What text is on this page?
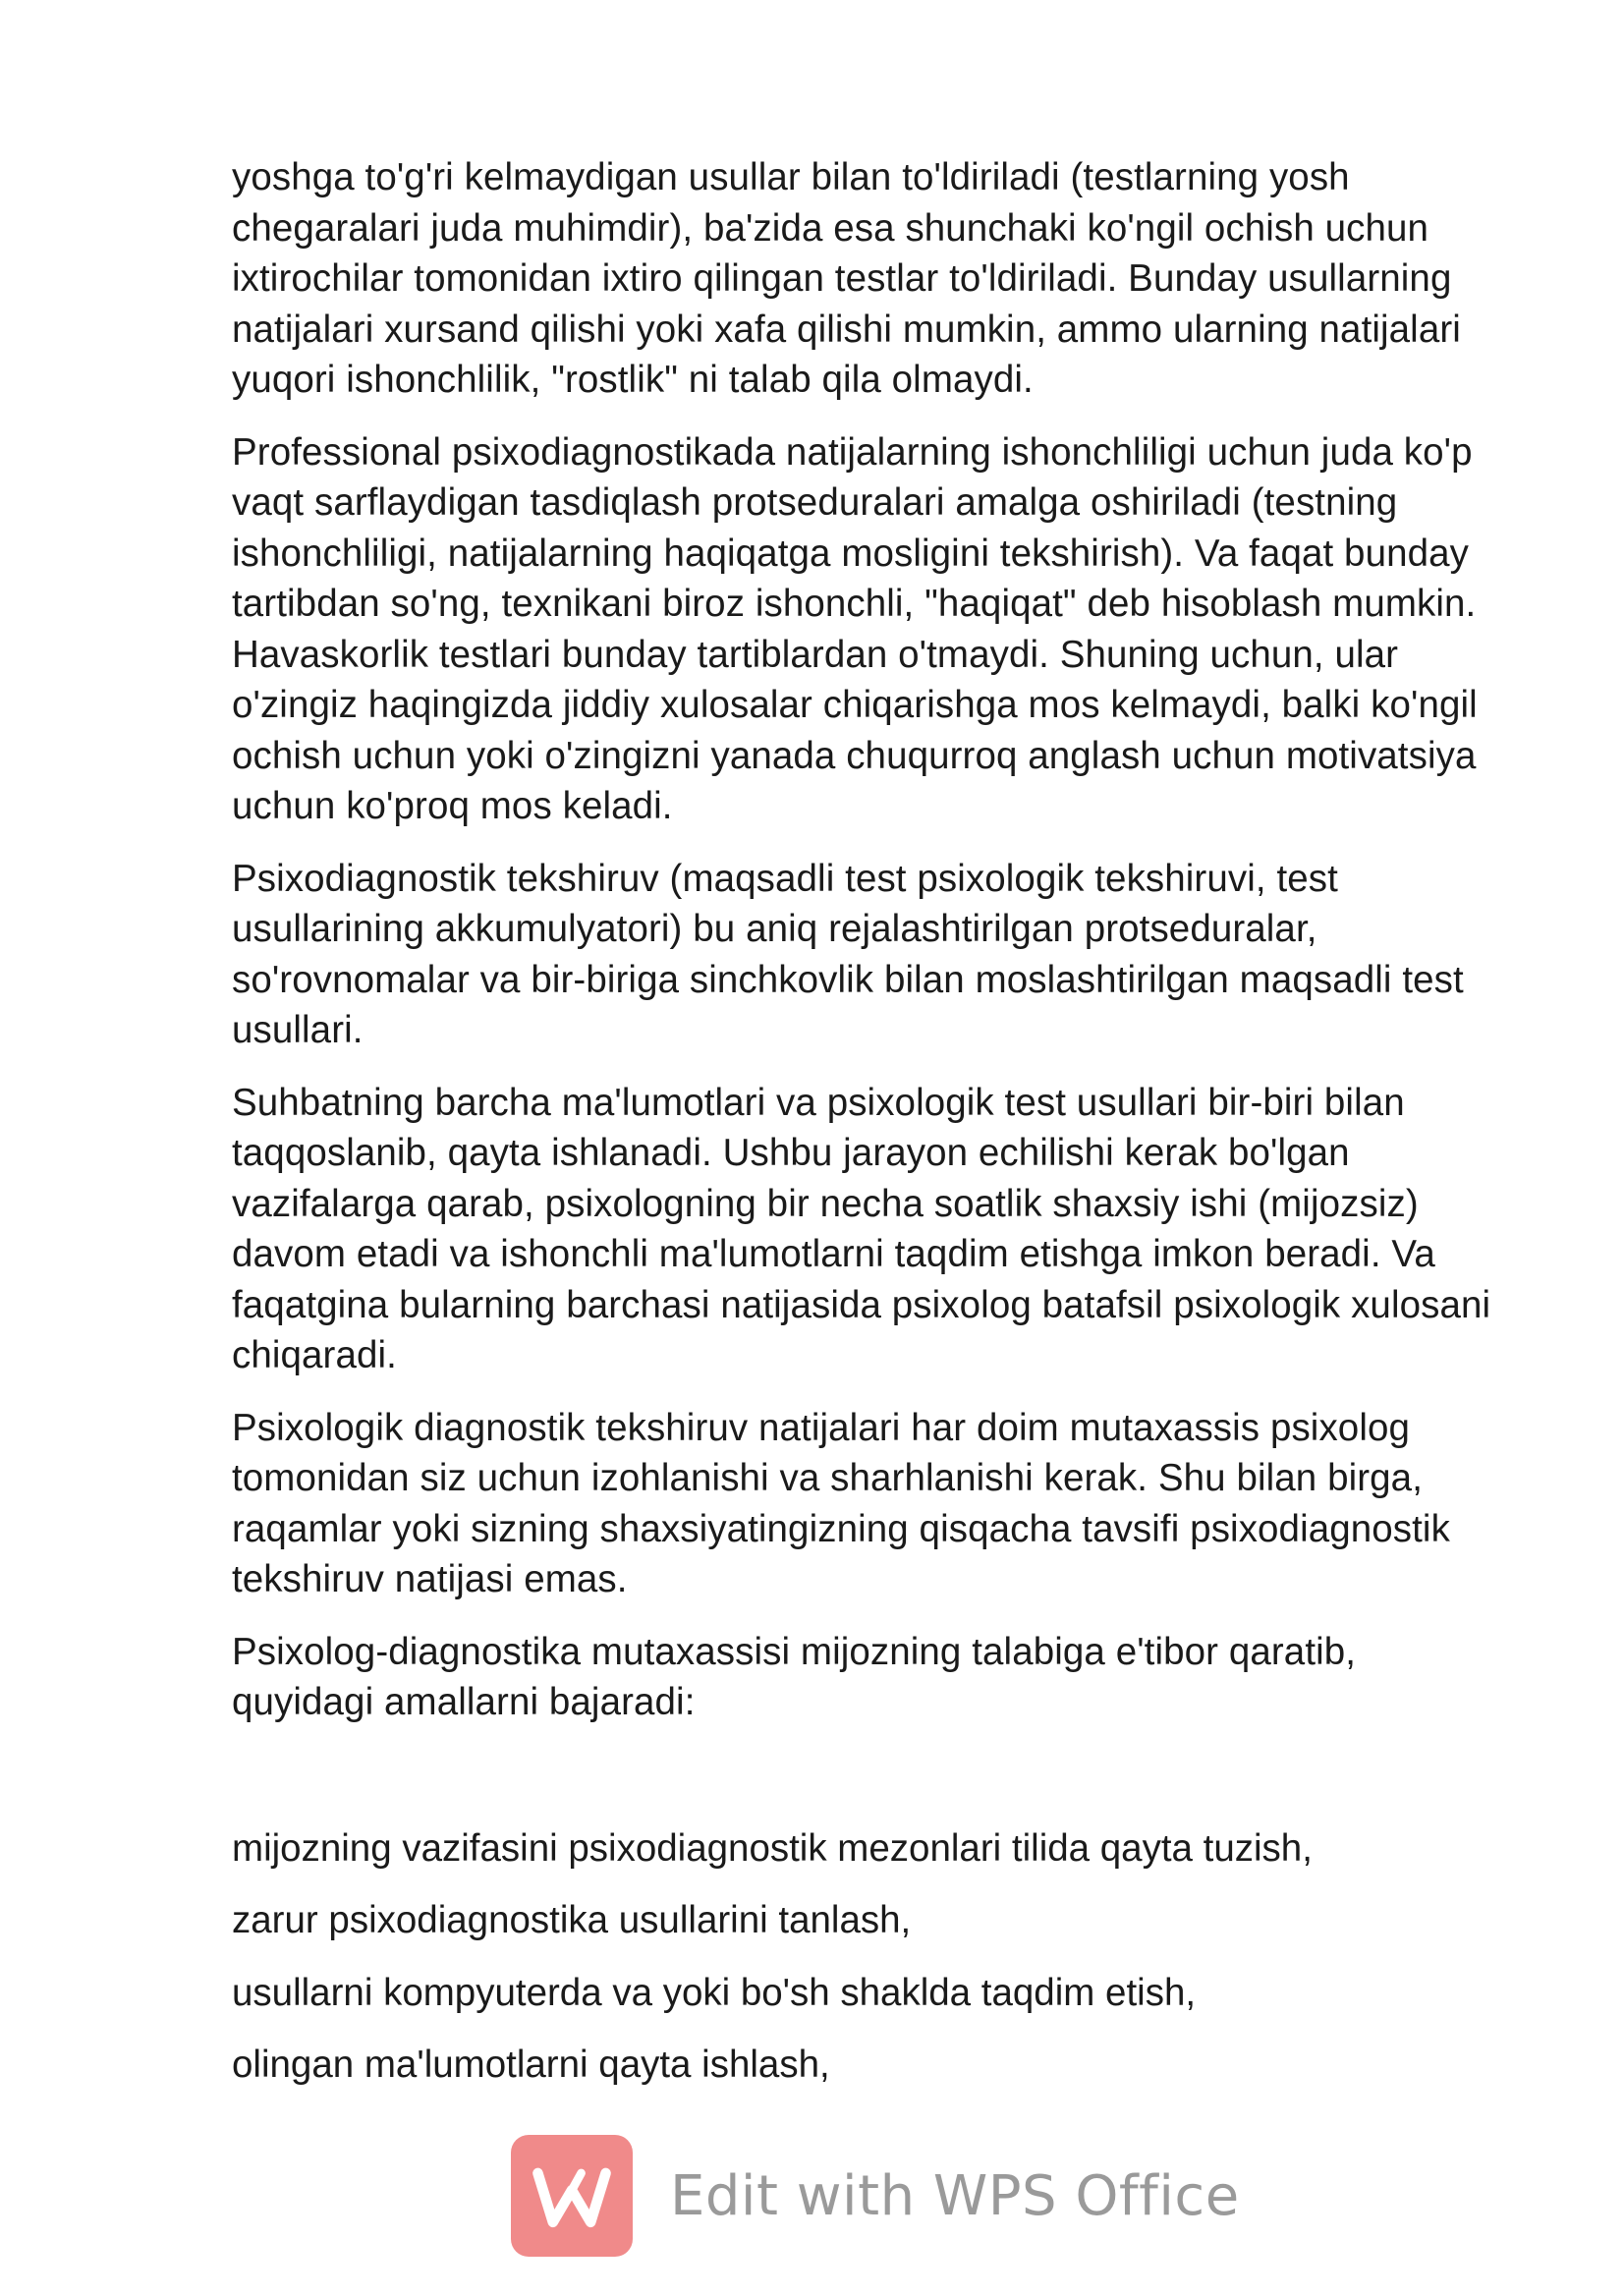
yoshga to'g'ri kelmaydigan usullar bilan to'ldiriladi (testlarning yosh chegaralari juda muhimdir), ba'zida esa shunchaki ko'ngil ochish uchun ixtirochilar tomonidan ixtiro qilingan testlar to'ldiriladi. Bunday usullarning natijalari xursand qilishi yoki xafa qilishi mumkin, ammo ularning natijalari yuqori ishonchlilik, "rostlik" ni talab qila olmaydi.

Professional psixodiagnostikada natijalarning ishonchliligi uchun juda ko'p vaqt sarflaydigan tasdiqlash protseduralari amalga oshiriladi (testning ishonchliligi, natijalarning haqiqatga mosligini tekshirish). Va faqat bunday tartibdan so'ng, texnikani biroz ishonchli, "haqiqat" deb hisoblash mumkin. Havaskorlik testlari bunday tartiblardan o'tmaydi. Shuning uchun, ular o'zingiz haqingizda jiddiy xulosalar chiqarishga mos kelmaydi, balki ko'ngil ochish uchun yoki o'zingizni yanada chuqurroq anglash uchun motivatsiya uchun ko'proq mos keladi.

Psixodiagnostik tekshiruv (maqsadli test psixologik tekshiruvi, test usullarining akkumulyatori) bu aniq rejalashtirilgan protseduralar, so'rovnomalar va bir-biriga sinchkovlik bilan moslashtirilgan maqsadli test usullari.

Suhbatning barcha ma'lumotlari va psixologik test usullari bir-biri bilan taqqoslanib, qayta ishlanadi. Ushbu jarayon echilishi kerak bo'lgan vazifalarga qarab, psixologning bir necha soatlik shaxsiy ishi (mijozsiz) davom etadi va ishonchli ma'lumotlarni taqdim etishga imkon beradi. Va faqatgina bularning barchasi natijasida psixolog batafsil psixologik xulosani chiqaradi.

Psixologik diagnostik tekshiruv natijalari har doim mutaxassis psixolog tomonidan siz uchun izohlanishi va sharhlanishi kerak. Shu bilan birga, raqamlar yoki sizning shaxsiyatingizning qisqacha tavsifi psixodiagnostik tekshiruv natijasi emas.

Psixolog-diagnostika mutaxassisi mijozning talabiga e'tibor qaratib, quyidagi amallarni bajaradi:

mijozning vazifasini psixodiagnostik mezonlari tilida qayta tuzish,

zarur psixodiagnostika usullarini tanlash,

usullarni kompyuterda va yoki bo'sh shaklda taqdim etish,

olingan ma'lumotlarni qayta ishlash,

Edit with WPS Office
